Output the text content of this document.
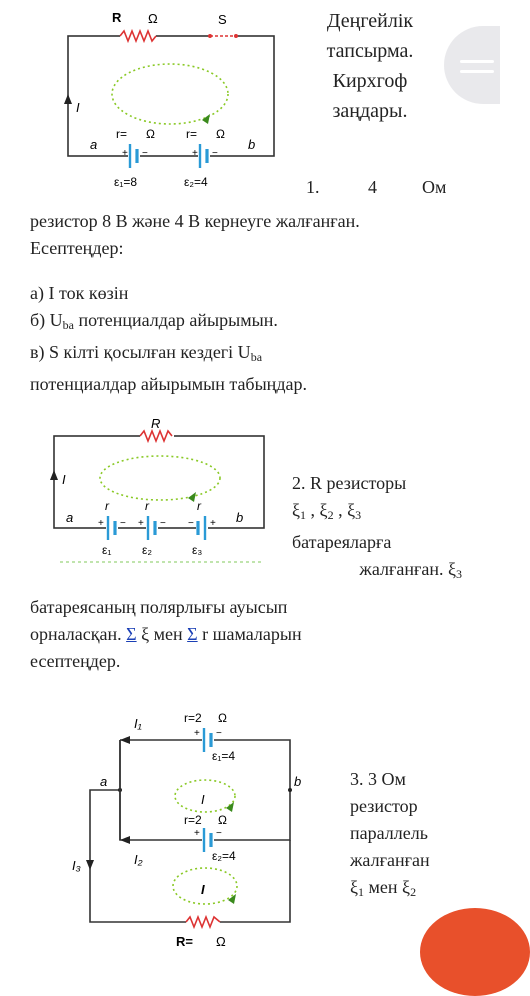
R Ω	S
I
a	b
+ −	+ −
r= Ω	r= Ω
ε₁=8	ε₂=4
Деңгейлік
тапсырма.
Кирхгоф
заңдары.
1.	4	Ом
резистор 8 В және 4 В кернеуге жалғанған.
Есептеңдер:
а) I ток көзін
б) $U_{ba}$ потенциалдар айырымын.
в) S кілті қосылған кездегі $U_{ba}$
потенциалдар айырымын табыңдар.
R
I
a	b
+ −
r
ε₁
+ −
r
ε₂
− +
r
ε₃
2. R резисторы
$\xi_1$ , $\xi_2$ , $\xi_3$
батареяларға
жалғанған. $\xi_3$
батареясаның полярлығы ауысып
орналасқан. Σ ξ мен Σ r шамаларын
есептеңдер.
I₁
I₂
I₃
a	b
+ −
r=2 Ω
ε₁=4
+ −
r=2 Ω
ε₂=4
I
I
R= Ω
3. 3 Ом
резистор
параллель
жалғанған
$\xi_1$ мен $\xi_2$
